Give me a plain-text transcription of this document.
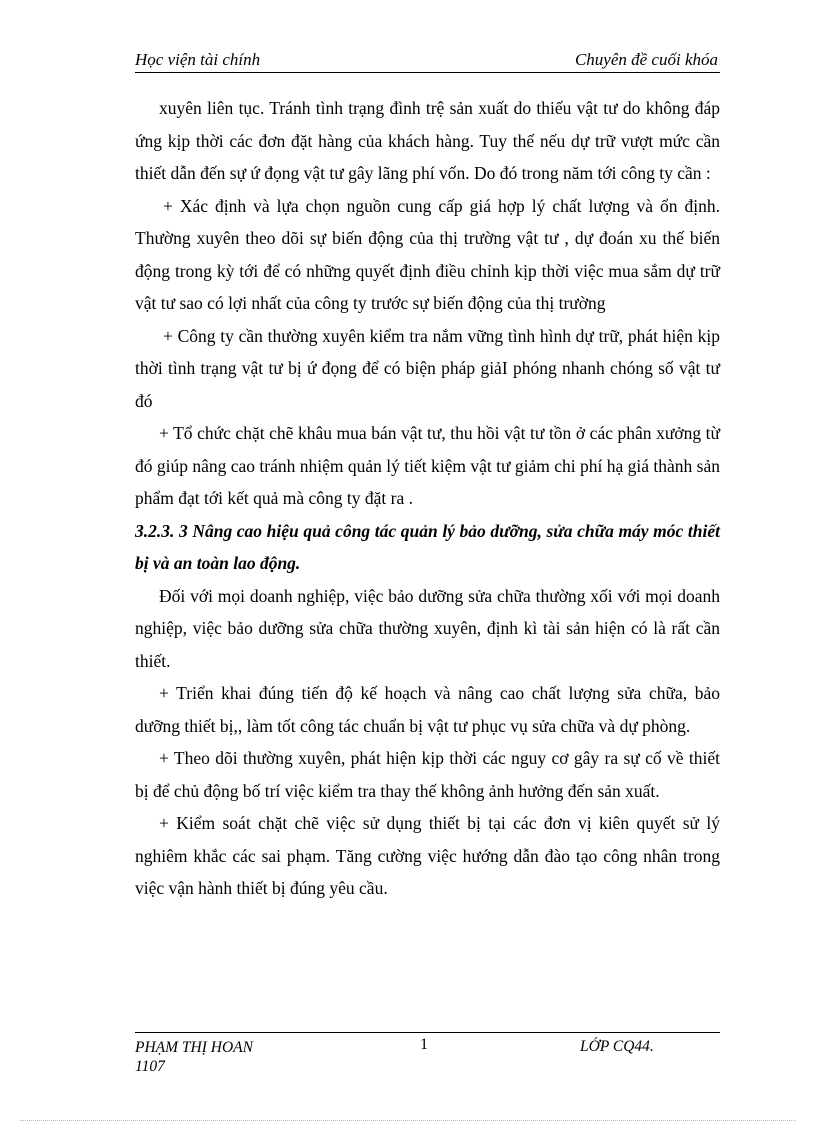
Học viện tài chính	Chuyên đề cuối khóa

xuyên liên tục. Tránh tình trạng đình trệ sản xuất do thiếu vật tư do không đáp ứng kịp thời các đơn đặt hàng của khách hàng. Tuy thế nếu dự trữ vượt mức cần thiết dẫn đến sự ứ đọng vật tư gây lãng phí vốn. Do đó trong năm tới công ty cần :

+ Xác định và lựa chọn nguồn cung cấp giá hợp lý chất lượng và ổn định. Thường xuyên theo dõi sự biến động của thị trường vật tư , dự đoán xu thế biến động trong kỳ tới để có những quyết định điều chỉnh kịp thời việc mua sắm dự trữ vật tư sao có lợi nhất của công ty trước sự biến động của thị trường

+ Công ty cần thường xuyên kiểm tra nắm vững tình hình dự trữ, phát hiện kịp thời tình trạng vật tư bị ứ đọng để có biện pháp giảI phóng nhanh chóng số vật tư đó

+ Tổ chức chặt chẽ khâu mua bán vật tư, thu hồi vật tư tồn ở các phân xưởng từ đó giúp nâng cao tránh nhiệm quản lý tiết kiệm vật tư giảm chi phí hạ giá thành sản phẩm đạt tới kết quả mà công ty đặt ra .

3.2.3. 3 Nâng cao hiệu quả công tác quản lý bảo dưỡng, sửa chữa máy móc thiết bị và an toàn lao động.

Đối với mọi doanh nghiệp, việc bảo dưỡng sửa chữa thường xối với mọi doanh nghiệp, việc bảo dưỡng sửa chữa thường xuyên, định kì tài sản hiện có là rất cần thiết.

+ Triển khai đúng tiến độ kế hoạch và nâng cao chất lượng sửa chữa, bảo dưỡng thiết bị,, làm tốt công tác chuẩn bị vật tư phục vụ sửa chữa và dự phòng.

+ Theo dõi thường xuyên, phát hiện kịp thời các nguy cơ gây ra sự cố về thiết bị để chủ động bố trí việc kiểm tra thay thế không ảnh hưởng đến sản xuất.

+ Kiểm soát chặt chẽ việc sử dụng thiết bị tại các đơn vị kiên quyết sử lý nghiêm khắc các sai phạm. Tăng cường việc hướng dẫn đào tạo công nhân trong việc vận hành thiết bị đúng yêu cầu.

PHẠM THỊ HOAN
1107
1	LỚP CQ44.
